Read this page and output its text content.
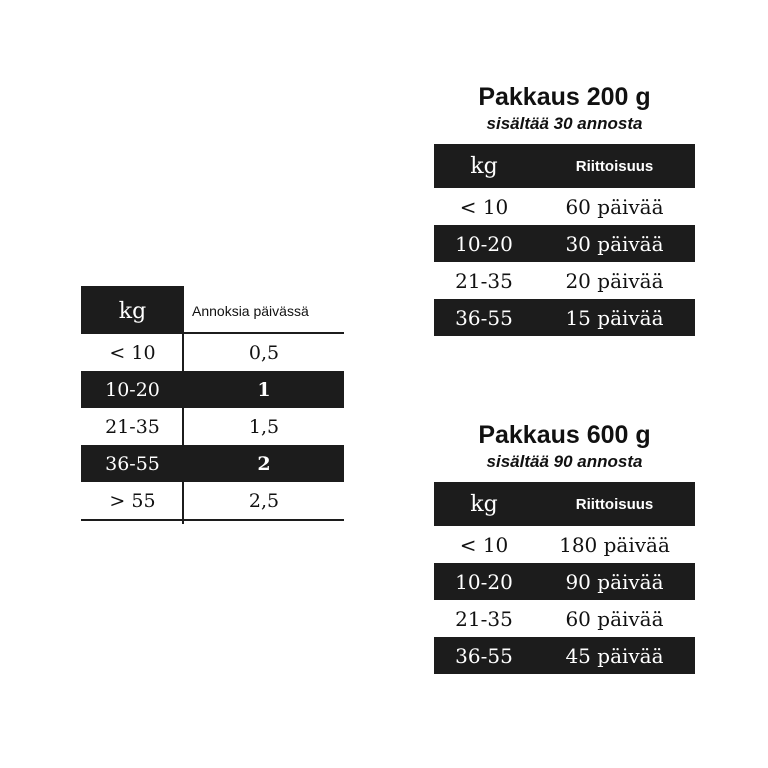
kg	Annoksia päivässä
< 10	0,5
10-20	1
21-35	1,5
36-55	2
> 55	2,5
Pakkaus 200 g
sisältää 30 annosta
kg	Riittoisuus
< 10	60 päivää
10-20	30 päivää
21-35	20 päivää
36-55	15 päivää
Pakkaus 600 g
sisältää 90 annosta
kg	Riittoisuus
< 10	180 päivää
10-20	90 päivää
21-35	60 päivää
36-55	45 päivää
